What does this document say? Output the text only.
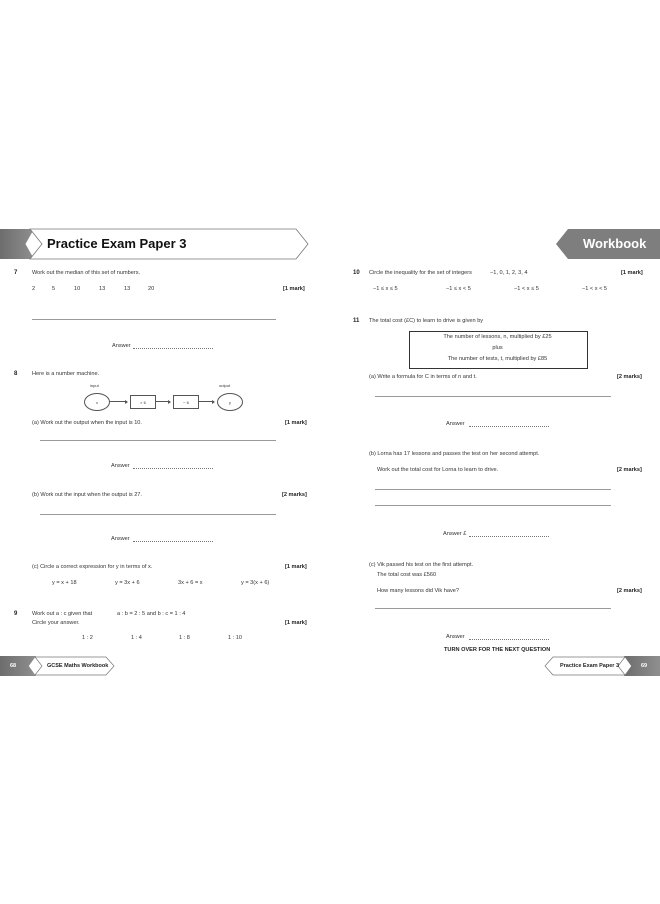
Practice Exam Paper 3
7	Work out the median of this set of numbers.
2	5	10	13	13	20	[1 mark]
Answer
8	Here is a number machine.
input	output
x	× 6	− 6	y
(a) Work out the output when the input is 10.	[1 mark]
Answer
(b) Work out the input when the output is 27.	[2 marks]
Answer
(c) Circle a correct expression for y in terms of x.	[1 mark]
y = x + 18	y = 3x + 6	3x + 6 = x	y = 3(x + 6)
9	Work out a : c given that	a : b = 2 : 5 and b : c = 1 : 4
Circle your answer.	[1 mark]
1 : 2	1 : 4	1 : 8	1 : 10
68	GCSE Maths Workbook
Workbook
10 Circle the inequality for the set of integers	−1, 0, 1, 2, 3, 4	[1 mark]
−1 ≤ x ≤ 5	−1 ≤ x < 5	−1 < x ≤ 5	−1 < x < 5
11 The total cost (£C) to learn to drive is given by
The number of lessons, n, multiplied by £25
plus
The number of tests, t, multiplied by £85
(a) Write a formula for C in terms of n and t.	[2 marks]
Answer
(b) Lorna has 17 lessons and passes the test on her second attempt.
Work out the total cost for Lorna to learn to drive.	[2 marks]
Answer £
(c) Vik passed his test on the first attempt.
The total cost was £560
How many lessons did Vik have?	[2 marks]
Answer
TURN OVER FOR THE NEXT QUESTION
Practice Exam Paper 3	69
